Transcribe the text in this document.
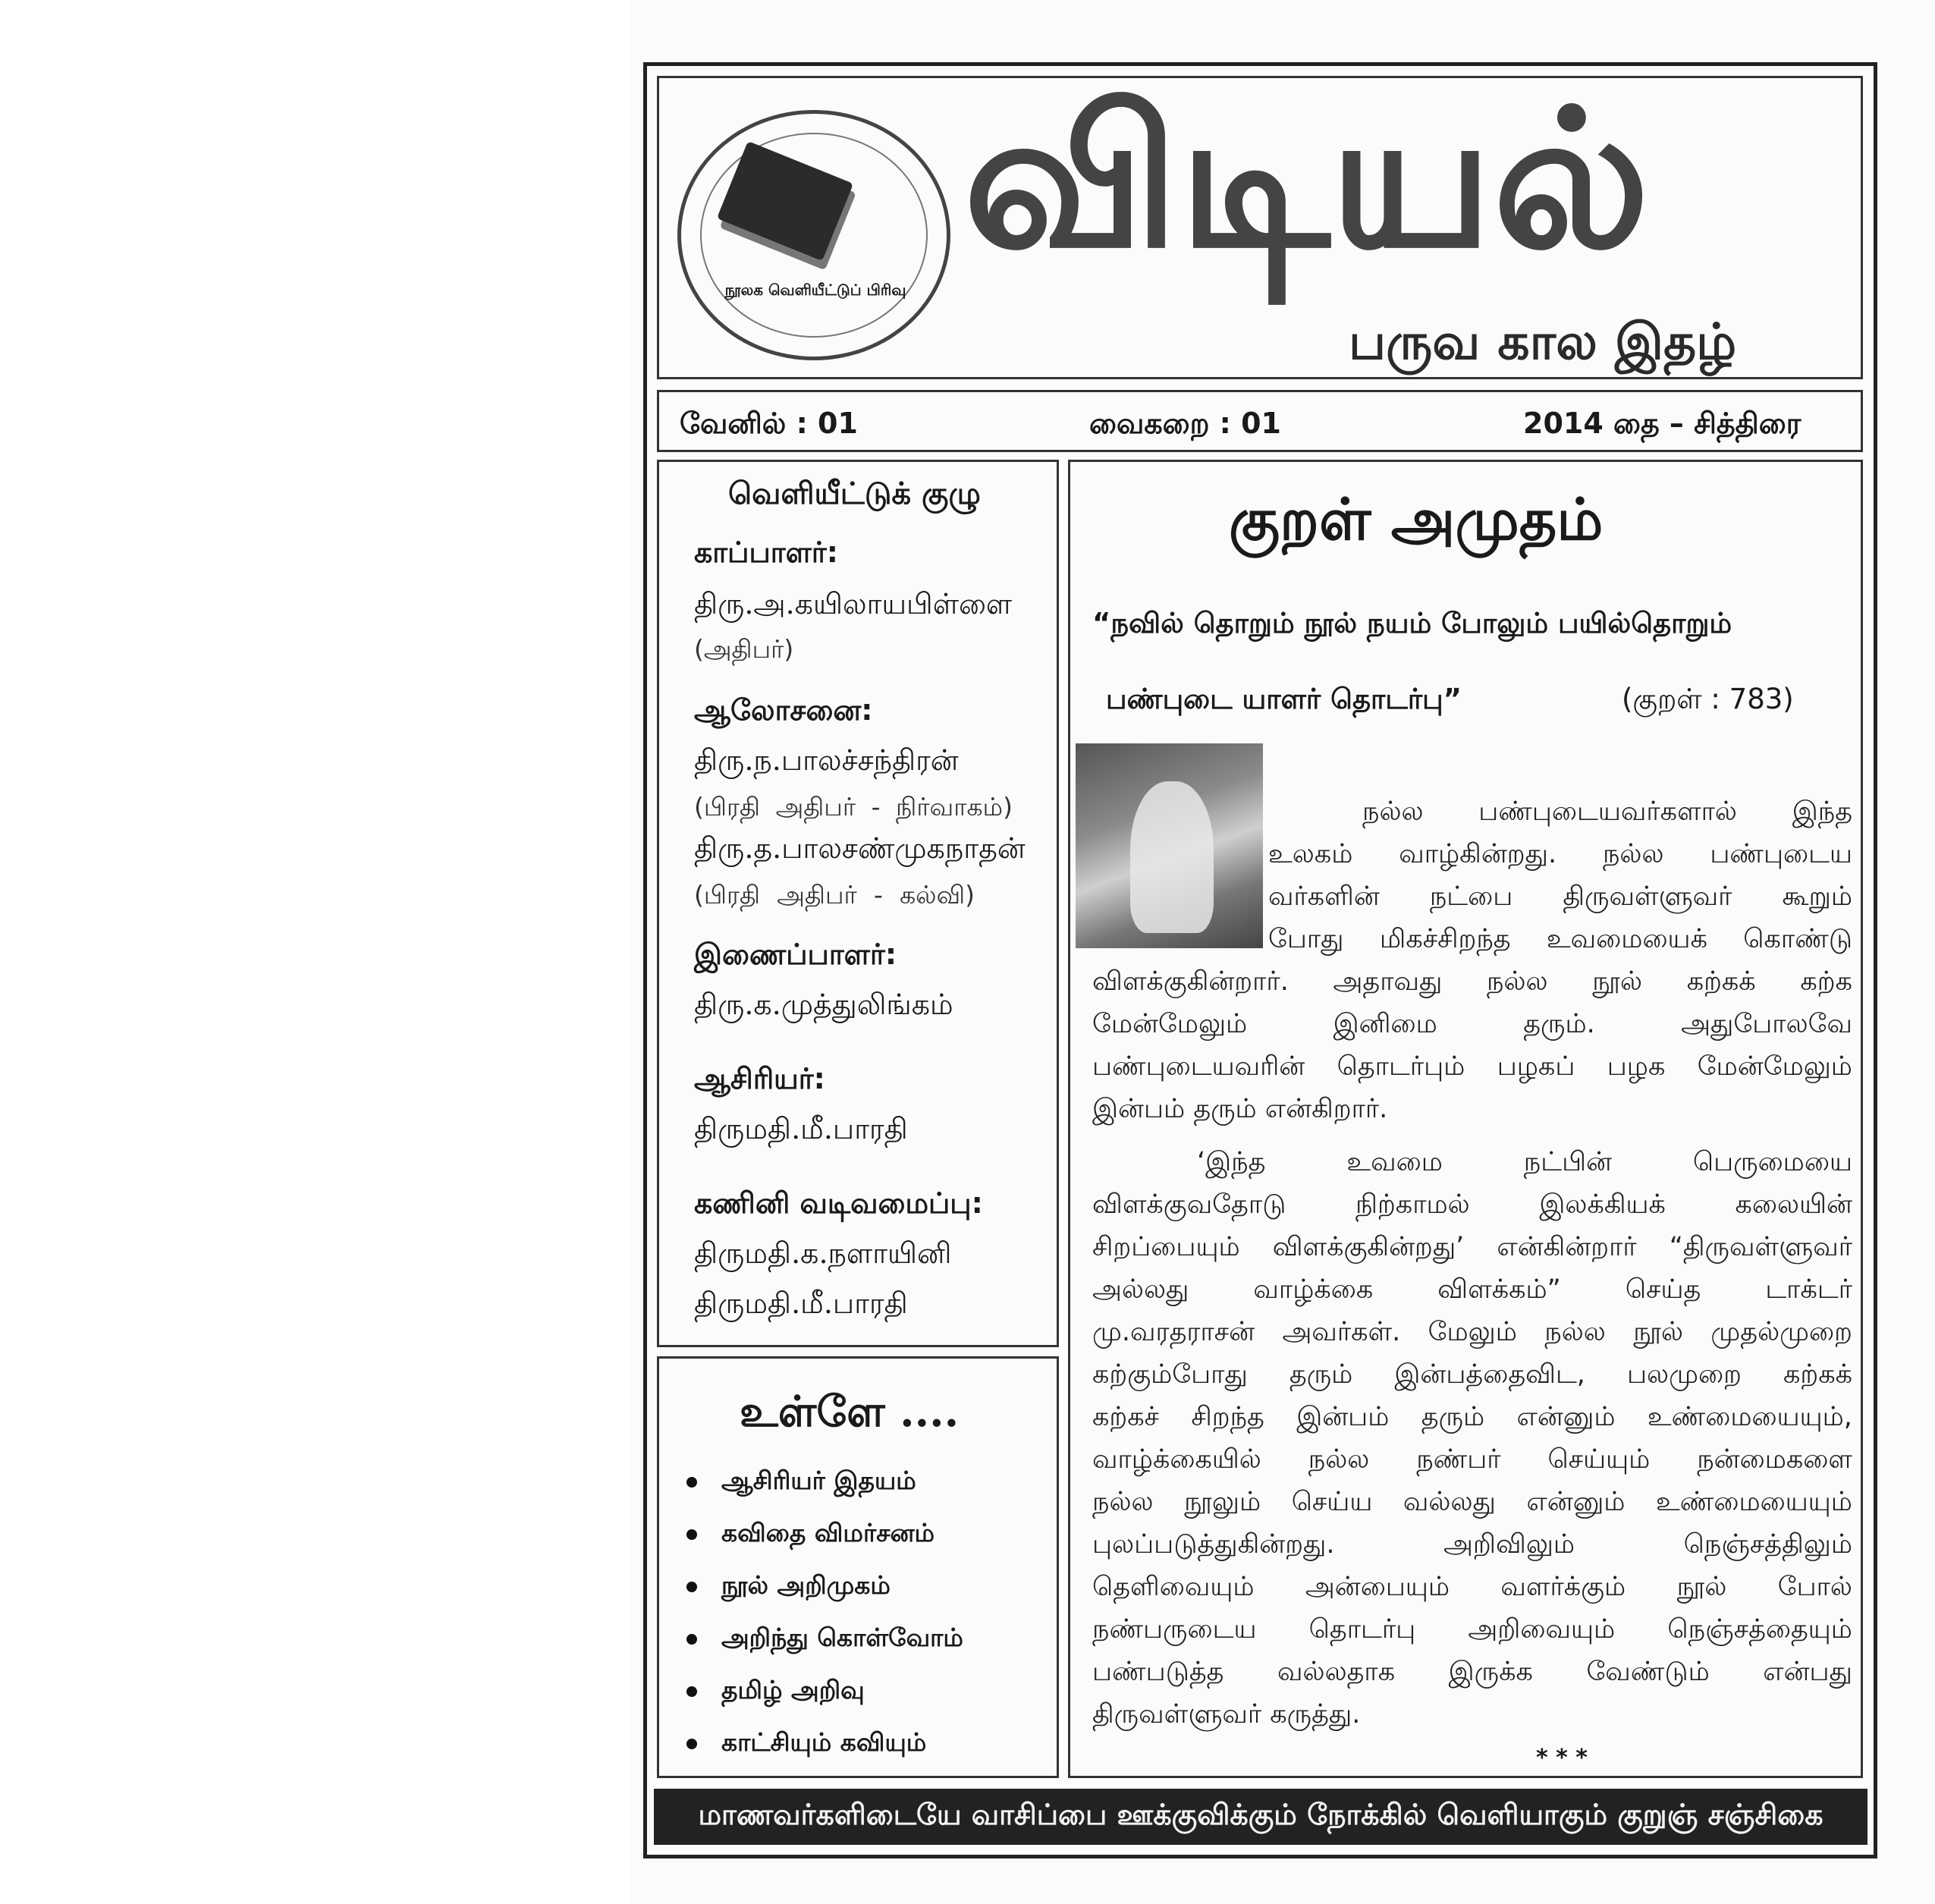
நூலக வெளியீட்டுப் பிரிவு விடியல்
பருவ கால இதழ்
வேனில் : 01	வைகறை : 01	2014 தை – சித்திரை
வெளியீட்டுக் குழு
காப்பாளர்:
திரு.அ.கயிலாயபிள்ளை
(அதிபர்)
ஆலோசனை:
திரு.ந.பாலச்சந்திரன்
(பிரதி அதிபர் - நிர்வாகம்)
திரு.த.பாலசண்முகநாதன்
(பிரதி அதிபர் - கல்வி)
இணைப்பாளர்:
திரு.க.முத்துலிங்கம்
ஆசிரியர்:
திருமதி.மீ.பாரதி
கணினி வடிவமைப்பு:
திருமதி.க.நளாயினி
திருமதி.மீ.பாரதி
உள்ளே ....
ஆசிரியர் இதயம்
கவிதை விமர்சனம்
நூல் அறிமுகம்
அறிந்து கொள்வோம்
தமிழ் அறிவு
காட்சியும் கவியும்
குறள் அமுதம்
“நவில் தொறும் நூல் நயம் போலும் பயில்தொறும்
பண்புடை யாளர் தொடர்பு”	(குறள் : 783)
நல்ல பண்புடையவர்களால் இந்த
உலகம் வாழ்கின்றது. நல்ல பண்புடைய
வர்களின் நட்பை திருவள்ளுவர் கூறும்
போது மிகச்சிறந்த உவமையைக் கொண்டு
விளக்குகின்றார். அதாவது நல்ல நூல் கற்கக் கற்க
மேன்மேலும்	இனிமை	தரும்.	அதுபோலவே
பண்புடையவரின் தொடர்பும் பழகப் பழக மேன்மேலும்
இன்பம் தரும் என்கிறார்.
‘இந்த	உவமை	நட்பின்	பெருமையை
விளக்குவதோடு	நிற்காமல்	இலக்கியக்	கலையின்
சிறப்பையும் விளக்குகின்றது’ என்கின்றார் “திருவள்ளுவர்
அல்லது வாழ்க்கை விளக்கம்” செய்த டாக்டர்
மு.வரதராசன் அவர்கள். மேலும் நல்ல நூல் முதல்முறை
கற்கும்போது தரும் இன்பத்தைவிட, பலமுறை கற்கக்
கற்கச் சிறந்த இன்பம் தரும் என்னும் உண்மையையும்,
வாழ்க்கையில் நல்ல நண்பர் செய்யும் நன்மைகளை
நல்ல நூலும் செய்ய வல்லது என்னும் உண்மையையும்
புலப்படுத்துகின்றது.	அறிவிலும்	நெஞ்சத்திலும்
தெளிவையும் அன்பையும் வளர்க்கும் நூல் போல்
நண்பருடைய தொடர்பு அறிவையும் நெஞ்சத்தையும்
பண்படுத்த வல்லதாக இருக்க வேண்டும் என்பது
திருவள்ளுவர் கருத்து.
* * *
மாணவர்களிடையே வாசிப்பை ஊக்குவிக்கும் நோக்கில் வெளியாகும் குறுஞ் சஞ்சிகை
